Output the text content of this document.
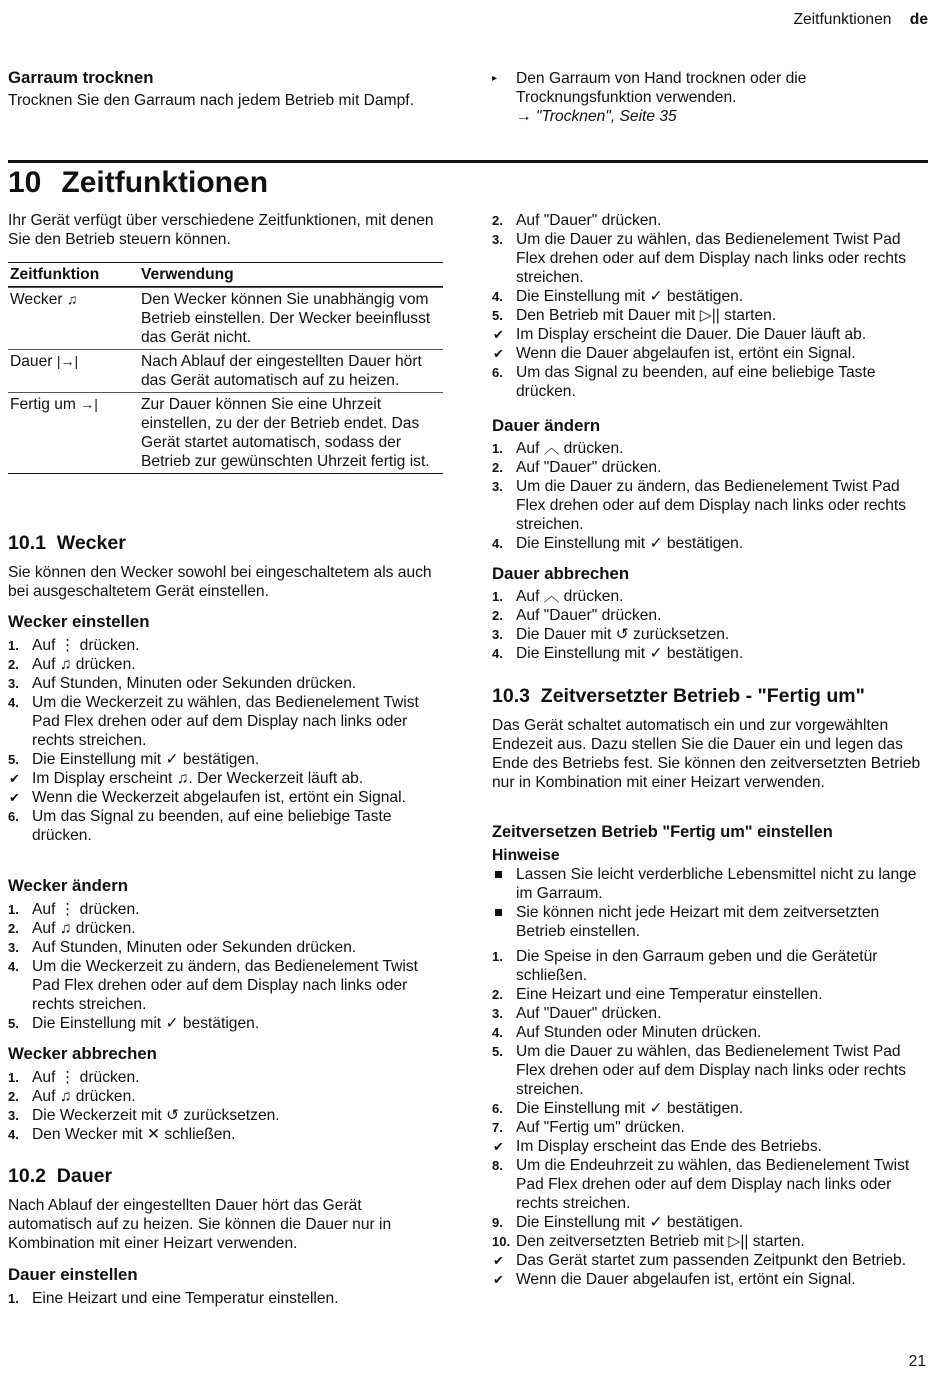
Zeitfunktionen de
Garraum trocknen
Trocknen Sie den Garraum nach jedem Betrieb mit Dampf.
▸ Den Garraum von Hand trocknen oder die Trocknungsfunktion verwenden.
→ "Trocknen", Seite 35
10 Zeitfunktionen
Ihr Gerät verfügt über verschiedene Zeitfunktionen, mit denen Sie den Betrieb steuern können.
Zeitfunktion	Verwendung
Wecker ♫	Den Wecker können Sie unabhängig vom Betrieb einstellen. Der Wecker beeinflusst das Gerät nicht.
Dauer |→|	Nach Ablauf der eingestellten Dauer hört das Gerät automatisch auf zu heizen.
Fertig um →|	Zur Dauer können Sie eine Uhrzeit einstellen, zu der der Betrieb endet. Das Gerät startet automatisch, sodass der Betrieb zur gewünschten Uhrzeit fertig ist.
10.1  Wecker
Sie können den Wecker sowohl bei eingeschaltetem als auch bei ausgeschaltetem Gerät einstellen.
Wecker einstellen
1. Auf ⋮ drücken.
2. Auf ♫ drücken.
3. Auf Stunden, Minuten oder Sekunden drücken.
4. Um die Weckerzeit zu wählen, das Bedienelement Twist Pad Flex drehen oder auf dem Display nach links oder rechts streichen.
5. Die Einstellung mit ✓ bestätigen.
✔ Im Display erscheint ♫. Der Weckerzeit läuft ab.
✔ Wenn die Weckerzeit abgelaufen ist, ertönt ein Signal.
6. Um das Signal zu beenden, auf eine beliebige Taste drücken.
Wecker ändern
1. Auf ⋮ drücken.
2. Auf ♫ drücken.
3. Auf Stunden, Minuten oder Sekunden drücken.
4. Um die Weckerzeit zu ändern, das Bedienelement Twist Pad Flex drehen oder auf dem Display nach links oder rechts streichen.
5. Die Einstellung mit ✓ bestätigen.
Wecker abbrechen
1. Auf ⋮ drücken.
2. Auf ♫ drücken.
3. Die Weckerzeit mit ↺ zurücksetzen.
4. Den Wecker mit ✕ schließen.
10.2  Dauer
Nach Ablauf der eingestellten Dauer hört das Gerät automatisch auf zu heizen. Sie können die Dauer nur in Kombination mit einer Heizart verwenden.
Dauer einstellen
1. Eine Heizart und eine Temperatur einstellen.
2. Auf "Dauer" drücken.
3. Um die Dauer zu wählen, das Bedienelement Twist Pad Flex drehen oder auf dem Display nach links oder rechts streichen.
4. Die Einstellung mit ✓ bestätigen.
5. Den Betrieb mit Dauer mit ▷|| starten.
✔ Im Display erscheint die Dauer. Die Dauer läuft ab.
✔ Wenn die Dauer abgelaufen ist, ertönt ein Signal.
6. Um das Signal zu beenden, auf eine beliebige Taste drücken.
Dauer ändern
1. Auf ︿ drücken.
2. Auf "Dauer" drücken.
3. Um die Dauer zu ändern, das Bedienelement Twist Pad Flex drehen oder auf dem Display nach links oder rechts streichen.
4. Die Einstellung mit ✓ bestätigen.
Dauer abbrechen
1. Auf ︿ drücken.
2. Auf "Dauer" drücken.
3. Die Dauer mit ↺ zurücksetzen.
4. Die Einstellung mit ✓ bestätigen.
10.3  Zeitversetzter Betrieb - "Fertig um"
Das Gerät schaltet automatisch ein und zur vorgewählten Endezeit aus. Dazu stellen Sie die Dauer ein und legen das Ende des Betriebs fest. Sie können den zeitversetzten Betrieb nur in Kombination mit einer Heizart verwenden.
Zeitversetzen Betrieb "Fertig um" einstellen
Hinweise
Lassen Sie leicht verderbliche Lebensmittel nicht zu lange im Garraum.
Sie können nicht jede Heizart mit dem zeitversetzten Betrieb einstellen.
1. Die Speise in den Garraum geben und die Gerätetür schließen.
2. Eine Heizart und eine Temperatur einstellen.
3. Auf "Dauer" drücken.
4. Auf Stunden oder Minuten drücken.
5. Um die Dauer zu wählen, das Bedienelement Twist Pad Flex drehen oder auf dem Display nach links oder rechts streichen.
6. Die Einstellung mit ✓ bestätigen.
7. Auf "Fertig um" drücken.
✔ Im Display erscheint das Ende des Betriebs.
8. Um die Endeuhrzeit zu wählen, das Bedienelement Twist Pad Flex drehen oder auf dem Display nach links oder rechts streichen.
9. Die Einstellung mit ✓ bestätigen.
10. Den zeitversetzten Betrieb mit ▷|| starten.
✔ Das Gerät startet zum passenden Zeitpunkt den Betrieb.
✔ Wenn die Dauer abgelaufen ist, ertönt ein Signal.
21
